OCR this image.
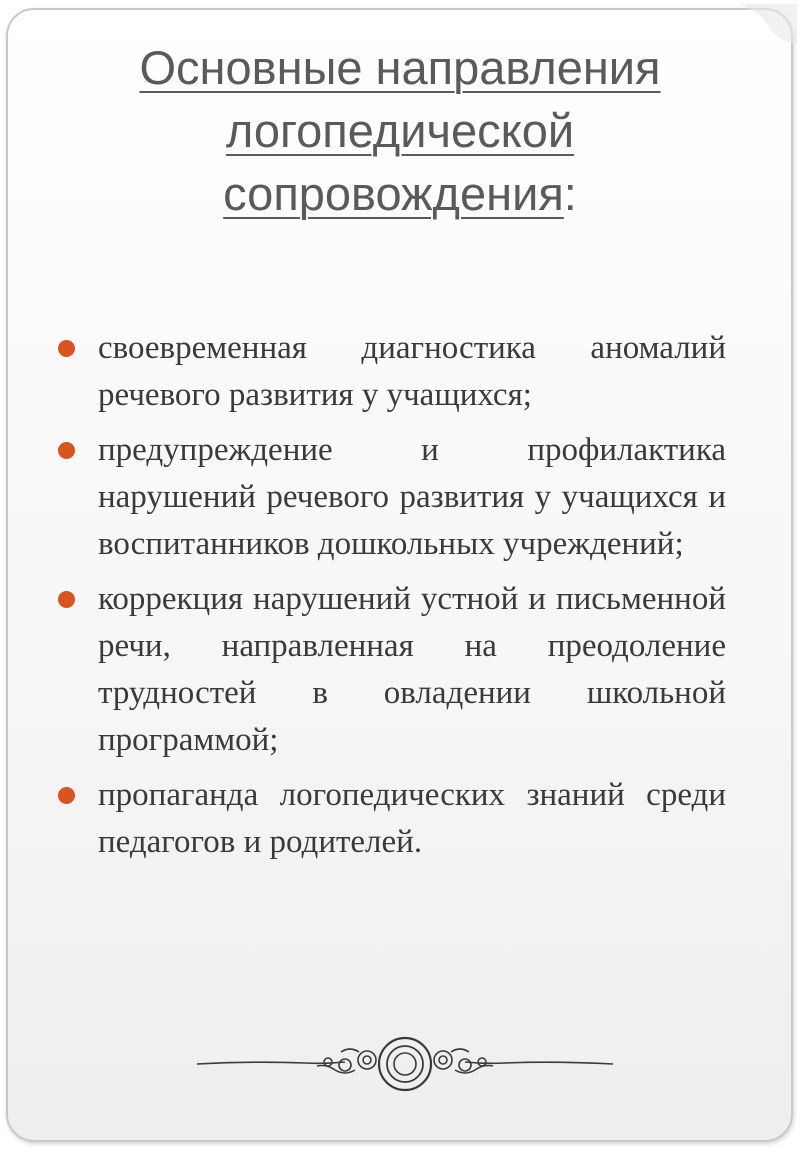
Основные направления
логопедической
сопровождения:
своевременная диагностика аномалий речевого развития у учащихся;
предупреждение и профилактика нарушений речевого развития у учащихся и воспитанников дошкольных учреждений;
коррекция нарушений устной и письменной речи, направленная на преодоление трудностей в овладении школьной программой;
пропаганда логопедических знаний среди педагогов и родителей.
